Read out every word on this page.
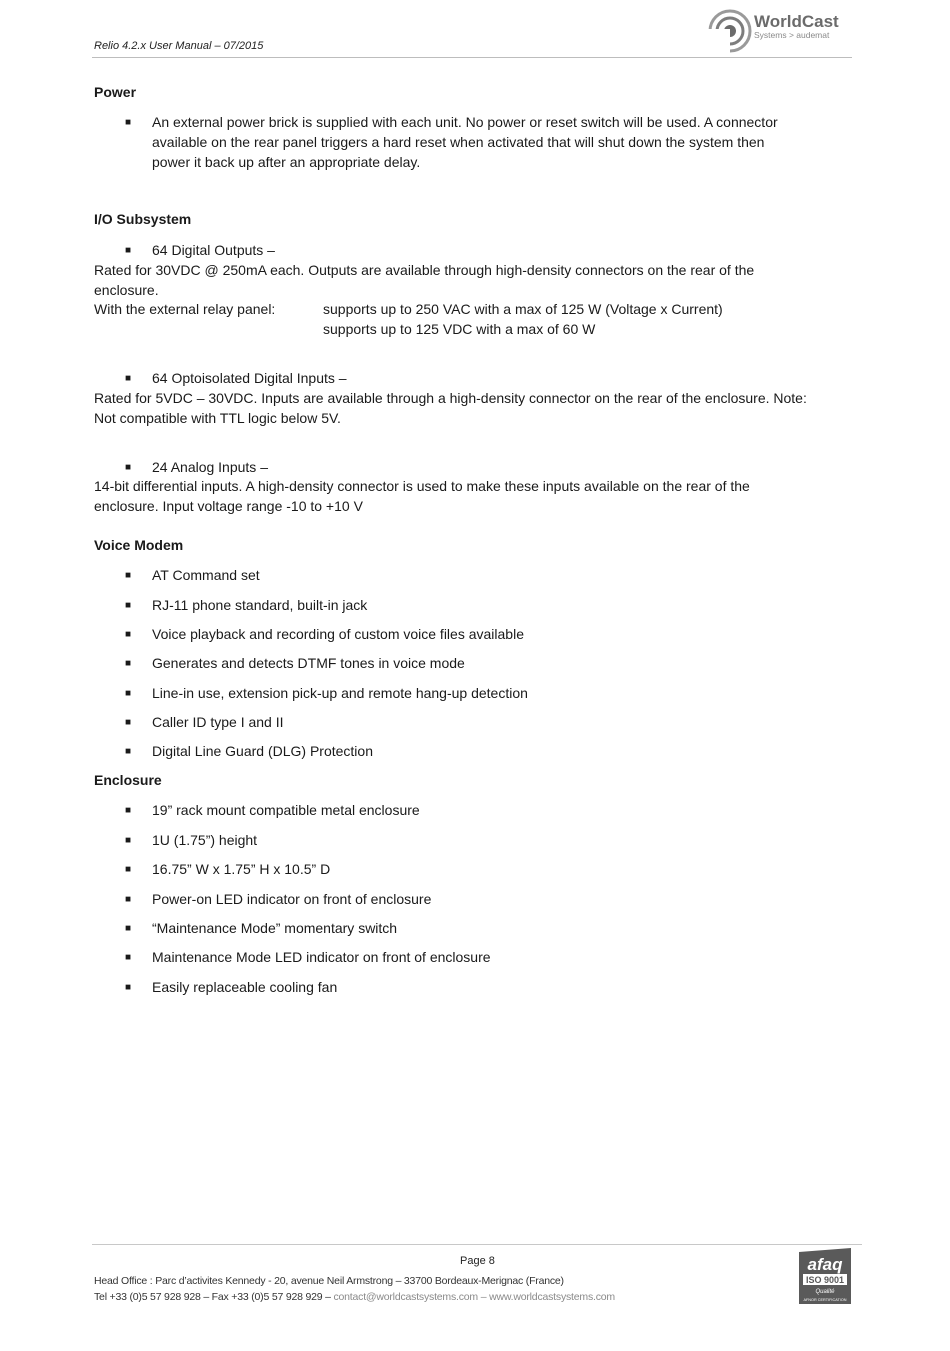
Relio 4.2.x User Manual – 07/2015
WorldCast
Systems > audemat
Power
■ An external power brick is supplied with each unit. No power or reset switch will be used. A connector
available on the rear panel triggers a hard reset when activated that will shut down the system then
power it back up after an appropriate delay.
I/O Subsystem
■ 64 Digital Outputs –
Rated for 30VDC @ 250mA each. Outputs are available through high-density connectors on the rear of the
enclosure.
With the external relay panel:	supports up to 250 VAC with a max of 125 W (Voltage x Current)
supports up to 125 VDC with a max of 60 W
■ 64 Optoisolated Digital Inputs –
Rated for 5VDC – 30VDC. Inputs are available through a high-density connector on the rear of the enclosure. Note:
Not compatible with TTL logic below 5V.
■ 24 Analog Inputs –
14-bit differential inputs. A high-density connector is used to make these inputs available on the rear of the
enclosure. Input voltage range -10 to +10 V
Voice Modem
■ AT Command set
■ RJ-11 phone standard, built-in jack
■ Voice playback and recording of custom voice files available
■ Generates and detects DTMF tones in voice mode
■ Line-in use, extension pick-up and remote hang-up detection
■ Caller ID type I and II
■ Digital Line Guard (DLG) Protection
Enclosure
■ 19” rack mount compatible metal enclosure
■ 1U (1.75”) height
■ 16.75” W x 1.75” H x 10.5” D
■ Power-on LED indicator on front of enclosure
■ “Maintenance Mode” momentary switch
■ Maintenance Mode LED indicator on front of enclosure
■ Easily replaceable cooling fan
Page 8
Head Office : Parc d’activites Kennedy - 20, avenue Neil Armstrong – 33700 Bordeaux-Merignac (France)
Tel +33 (0)5 57 928 928 – Fax +33 (0)5 57 928 929 – contact@worldcastsystems.com – www.worldcastsystems.com
afaq
ISO 9001
Qualité
AFNOR CERTIFICATION
